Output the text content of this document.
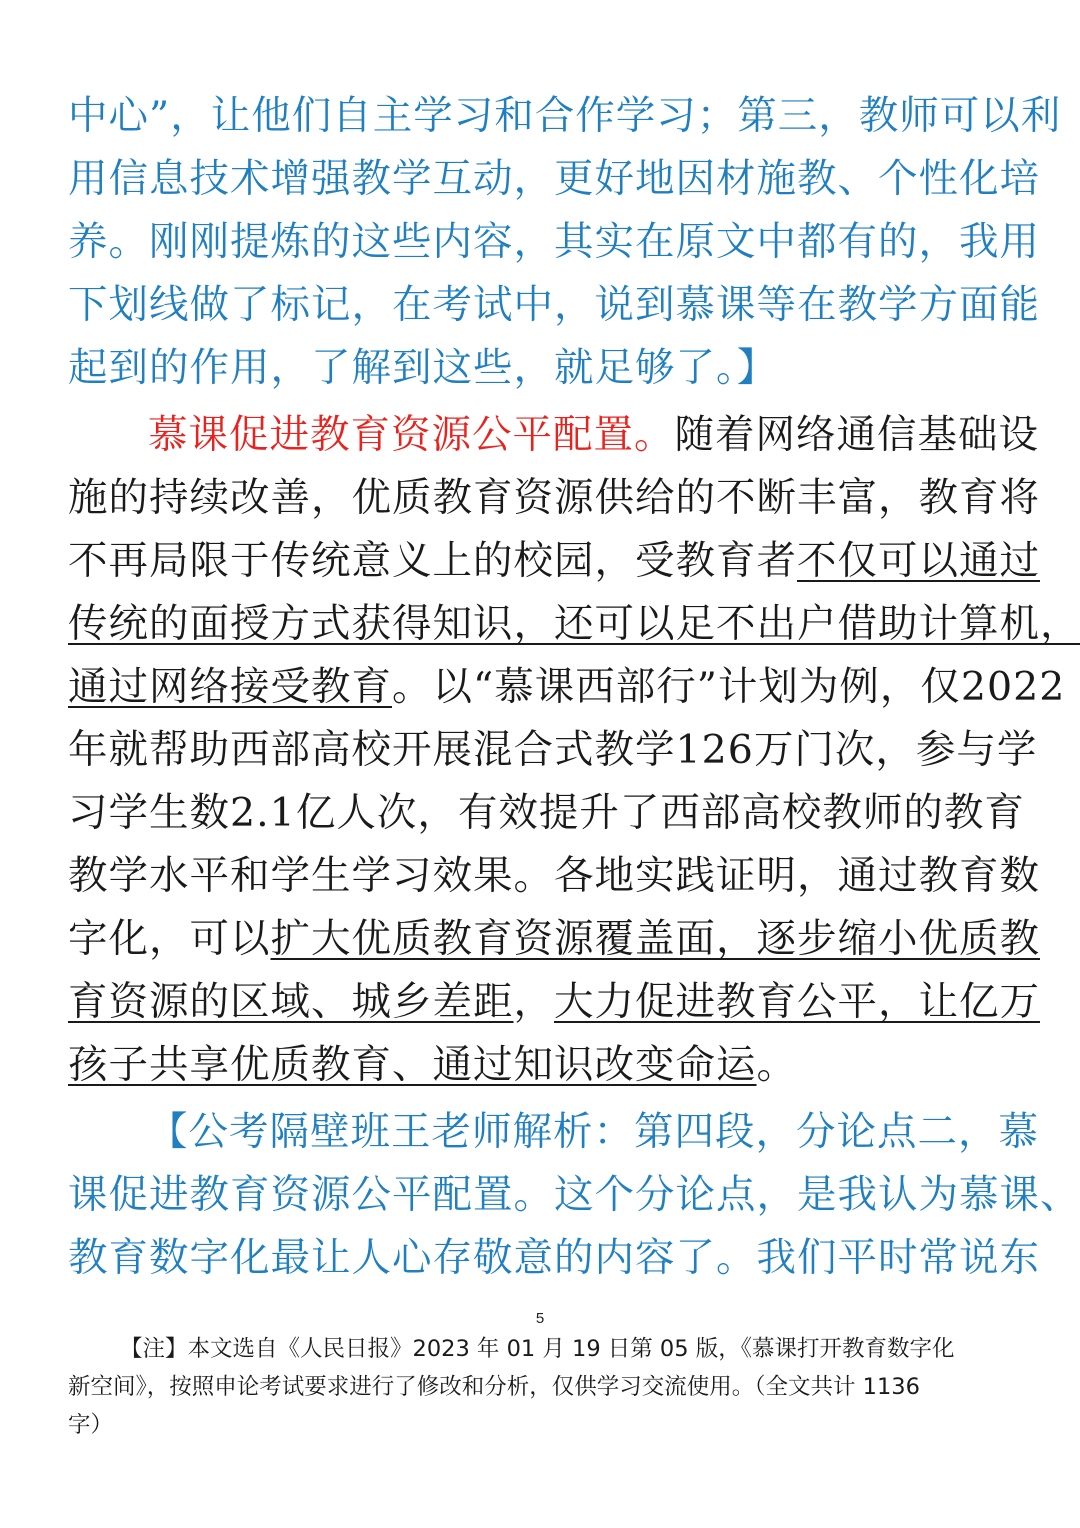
中心”，让他们自主学习和合作学习；第三，教师可以利
用信息技术增强教学互动，更好地因材施教、个性化培
养。刚刚提炼的这些内容，其实在原文中都有的，我用
下划线做了标记，在考试中，说到慕课等在教学方面能
起到的作用，了解到这些，就足够了。】
慕课促进教育资源公平配置。随着网络通信基础设
施的持续改善，优质教育资源供给的不断丰富，教育将
不再局限于传统意义上的校园，受教育者不仅可以通过
传统的面授方式获得知识，还可以足不出户借助计算机，
通过网络接受教育。以“慕课西部行”计划为例，仅2022
年就帮助西部高校开展混合式教学126万门次，参与学
习学生数2.1亿人次，有效提升了西部高校教师的教育
教学水平和学生学习效果。各地实践证明，通过教育数
字化，可以扩大优质教育资源覆盖面，逐步缩小优质教
育资源的区域、城乡差距，大力促进教育公平，让亿万
孩子共享优质教育、通过知识改变命运。
【公考隔壁班王老师解析：第四段，分论点二，慕
课促进教育资源公平配置。这个分论点，是我认为慕课、
教育数字化最让人心存敬意的内容了。我们平时常说东
5
【注】本文选自《人民日报》2023 年 01 月 19 日第 05 版，《慕课打开教育数字化
新空间》，按照申论考试要求进行了修改和分析，仅供学习交流使用。（全文共计 1136
字）
